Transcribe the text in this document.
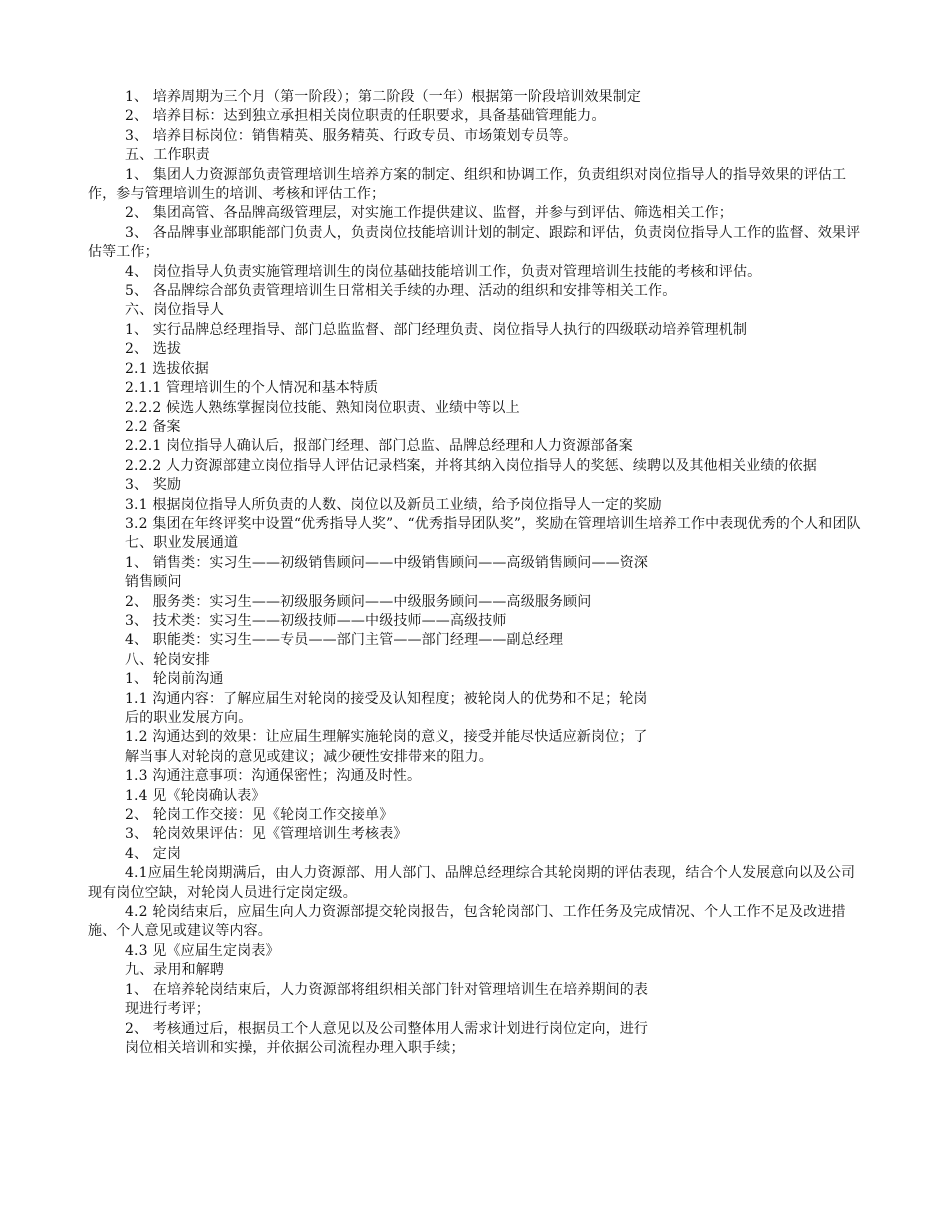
1、 培养周期为三个月（第一阶段）；第二阶段（一年）根据第一阶段培训效果制定

2、 培养目标：达到独立承担相关岗位职责的任职要求，具备基础管理能力。

3、 培养目标岗位：销售精英、服务精英、行政专员、市场策划专员等。

五、工作职责

1、 集团人力资源部负责管理培训生培养方案的制定、组织和协调工作，负责组织对岗位指导人的指导效果的评估工作，参与管理培训生的培训、考核和评估工作；

2、 集团高管、各品牌高级管理层，对实施工作提供建议、监督，并参与到评估、筛选相关工作；

3、 各品牌事业部职能部门负责人，负责岗位技能培训计划的制定、跟踪和评估，负责岗位指导人工作的监督、效果评估等工作；

4、 岗位指导人负责实施管理培训生的岗位基础技能培训工作，负责对管理培训生技能的考核和评估。

5、 各品牌综合部负责管理培训生日常相关手续的办理、活动的组织和安排等相关工作。

六、岗位指导人

1、 实行品牌总经理指导、部门总监监督、部门经理负责、岗位指导人执行的四级联动培养管理机制

2、 选拔

2.1 选拔依据

2.1.1 管理培训生的个人情况和基本特质

2.2.2 候选人熟练掌握岗位技能、熟知岗位职责、业绩中等以上

2.2 备案

2.2.1 岗位指导人确认后，报部门经理、部门总监、品牌总经理和人力资源部备案

2.2.2 人力资源部建立岗位指导人评估记录档案，并将其纳入岗位指导人的奖惩、续聘以及其他相关业绩的依据

3、 奖励

3.1 根据岗位指导人所负责的人数、岗位以及新员工业绩，给予岗位指导人一定的奖励

3.2 集团在年终评奖中设置“优秀指导人奖”、“优秀指导团队奖”，奖励在管理培训生培养工作中表现优秀的个人和团队

七、职业发展通道

1、 销售类：实习生——初级销售顾问——中级销售顾问——高级销售顾问——资深

销售顾问

2、 服务类：实习生——初级服务顾问——中级服务顾问——高级服务顾问

3、 技术类：实习生——初级技师——中级技师——高级技师

4、 职能类：实习生——专员——部门主管——部门经理——副总经理

八、轮岗安排

1、 轮岗前沟通

1.1 沟通内容：了解应届生对轮岗的接受及认知程度；被轮岗人的优势和不足；轮岗

后的职业发展方向。

1.2 沟通达到的效果：让应届生理解实施轮岗的意义，接受并能尽快适应新岗位；了

解当事人对轮岗的意见或建议；减少硬性安排带来的阻力。

1.3 沟通注意事项：沟通保密性；沟通及时性。

1.4 见《轮岗确认表》

2、 轮岗工作交接：见《轮岗工作交接单》

3、 轮岗效果评估：见《管理培训生考核表》

4、 定岗

4.1应届生轮岗期满后，由人力资源部、用人部门、品牌总经理综合其轮岗期的评估表现，结合个人发展意向以及公司现有岗位空缺，对轮岗人员进行定岗定级。

4.2 轮岗结束后，应届生向人力资源部提交轮岗报告，包含轮岗部门、工作任务及完成情况、个人工作不足及改进措施、个人意见或建议等内容。

4.3 见《应届生定岗表》

九、录用和解聘

1、 在培养轮岗结束后，人力资源部将组织相关部门针对管理培训生在培养期间的表

现进行考评；

2、 考核通过后，根据员工个人意见以及公司整体用人需求计划进行岗位定向，进行

岗位相关培训和实操，并依据公司流程办理入职手续；
